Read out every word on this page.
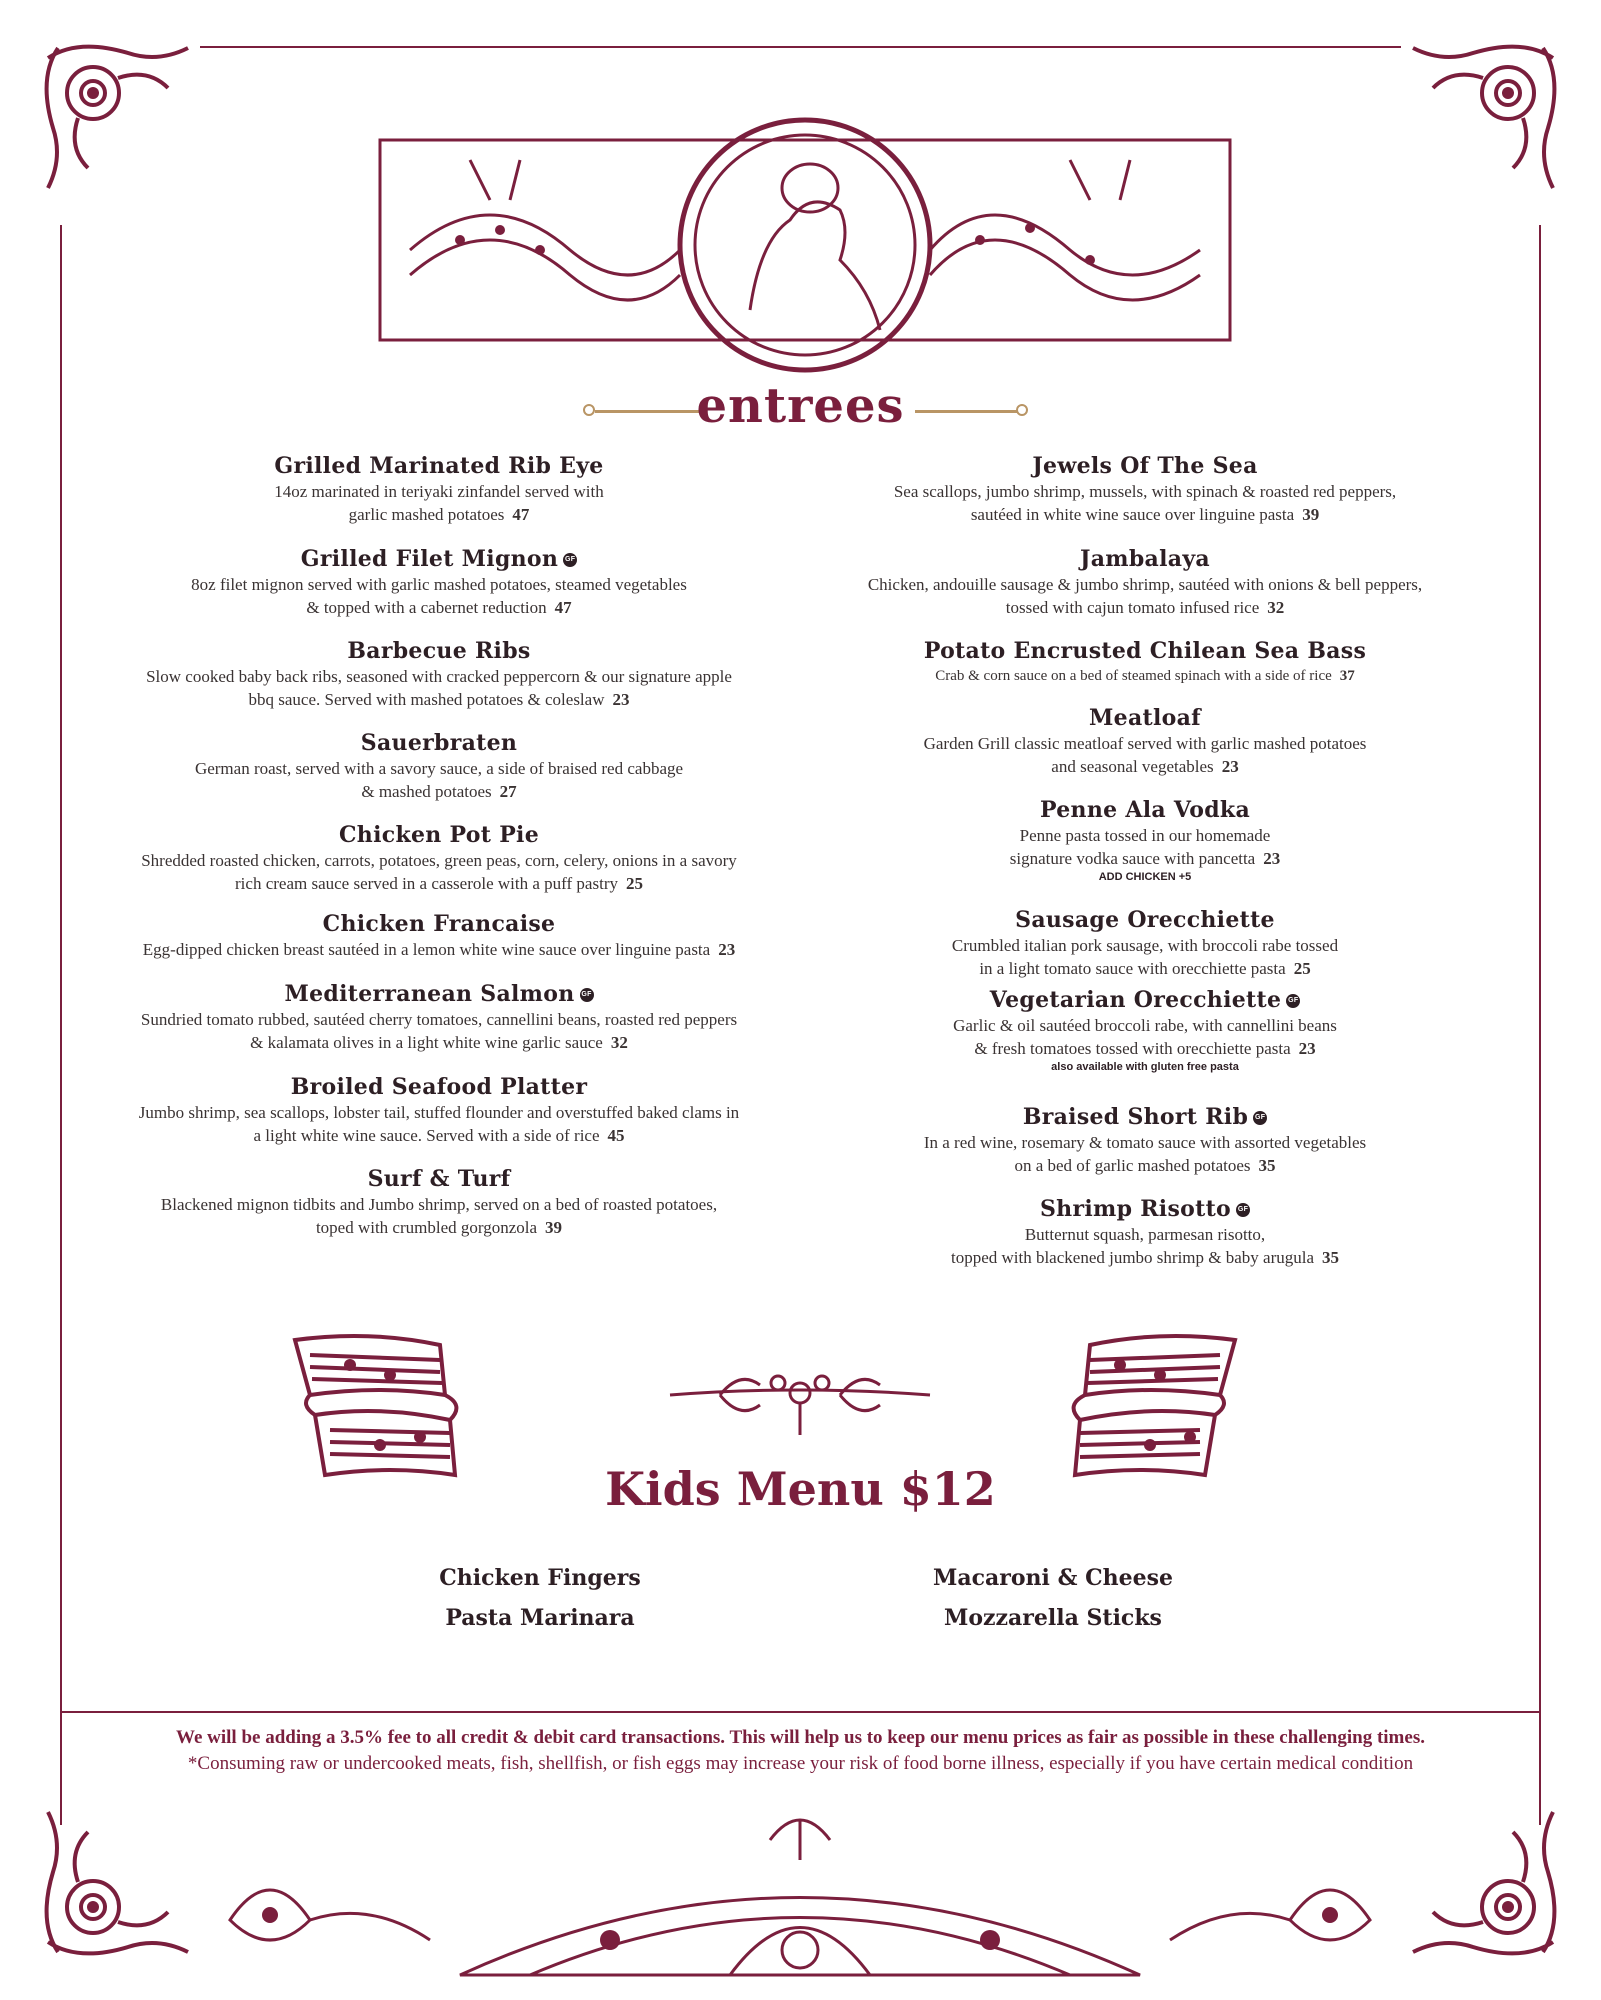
entrees
Grilled Marinated Rib Eye
14oz marinated in teriyaki zinfandel served with
garlic mashed potatoes 47
Grilled Filet Mignon GF
8oz filet mignon served with garlic mashed potatoes, steamed vegetables
& topped with a cabernet reduction 47
Barbecue Ribs
Slow cooked baby back ribs, seasoned with cracked peppercorn & our signature apple
bbq sauce. Served with mashed potatoes & coleslaw 23
Sauerbraten
German roast, served with a savory sauce, a side of braised red cabbage
& mashed potatoes 27
Chicken Pot Pie
Shredded roasted chicken, carrots, potatoes, green peas, corn, celery, onions in a savory
rich cream sauce served in a casserole with a puff pastry 25
Chicken Francaise
Egg-dipped chicken breast sautéed in a lemon white wine sauce over linguine pasta 23
Mediterranean Salmon GF
Sundried tomato rubbed, sautéed cherry tomatoes, cannellini beans, roasted red peppers
& kalamata olives in a light white wine garlic sauce 32
Broiled Seafood Platter
Jumbo shrimp, sea scallops, lobster tail, stuffed flounder and overstuffed baked clams in
a light white wine sauce. Served with a side of rice 45
Surf & Turf
Blackened mignon tidbits and Jumbo shrimp, served on a bed of roasted potatoes,
toped with crumbled gorgonzola 39
Jewels Of The Sea
Sea scallops, jumbo shrimp, mussels, with spinach & roasted red peppers,
sautéed in white wine sauce over linguine pasta 39
Jambalaya
Chicken, andouille sausage & jumbo shrimp, sautéed with onions & bell peppers,
tossed with cajun tomato infused rice 32
Potato Encrusted Chilean Sea Bass
Crab & corn sauce on a bed of steamed spinach with a side of rice 37
Meatloaf
Garden Grill classic meatloaf served with garlic mashed potatoes
and seasonal vegetables 23
Penne Ala Vodka
Penne pasta tossed in our homemade
signature vodka sauce with pancetta 23
ADD CHICKEN +5
Sausage Orecchiette
Crumbled italian pork sausage, with broccoli rabe tossed
in a light tomato sauce with orecchiette pasta 25
Vegetarian Orecchiette GF
Garlic & oil sautéed broccoli rabe, with cannellini beans
& fresh tomatoes tossed with orecchiette pasta 23
also available with gluten free pasta
Braised Short Rib GF
In a red wine, rosemary & tomato sauce with assorted vegetables
on a bed of garlic mashed potatoes 35
Shrimp Risotto GF
Butternut squash, parmesan risotto,
topped with blackened jumbo shrimp & baby arugula 35
Kids Menu $12
Chicken Fingers	Macaroni & Cheese
Pasta Marinara	Mozzarella Sticks
We will be adding a 3.5% fee to all credit & debit card transactions. This will help us to keep our menu prices as fair as possible in these challenging times.
*Consuming raw or undercooked meats, fish, shellfish, or fish eggs may increase your risk of food borne illness, especially if you have certain medical condition
